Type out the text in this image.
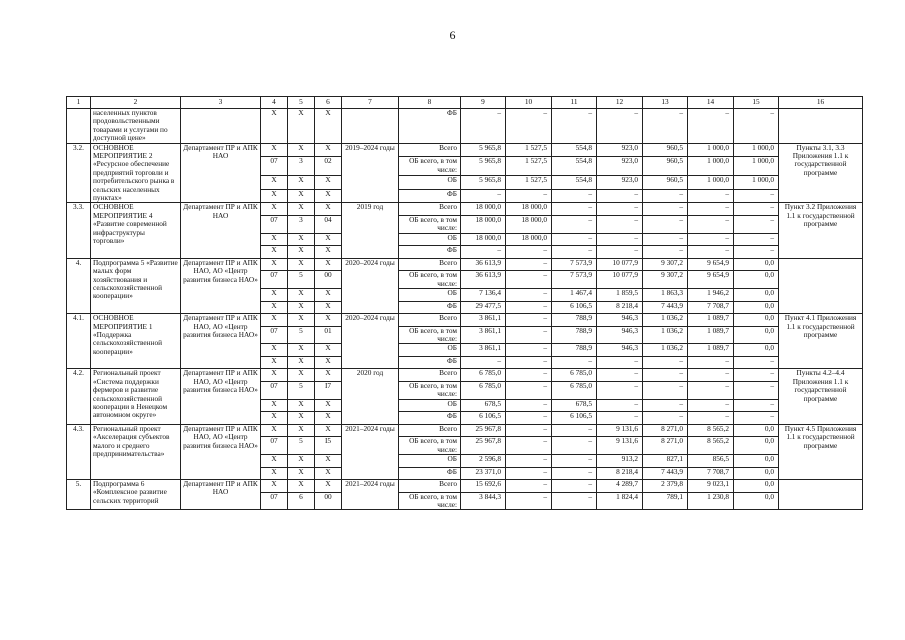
6
1	2	3	4	5	6	7	8	9	10	11	12	13	14	15	16
	населенных пунктов продовольственными товарами и услугами по доступной цене»		X	X	X		ФБ	–	–	–	–	–	–	–	
3.2.	ОСНОВНОЕ МЕРОПРИЯТИЕ 2 «Ресурсное обеспечение предприятий торговли и потребительского рынка в сельских населенных пунктах»	Департамент ПР и АПК НАО	X	X	X	2019–2024 годы	Всего	5 965,8	1 527,5	554,8	923,0	960,5	1 000,0	1 000,0	Пункты 3.1, 3.3 Приложения 1.1 к государственной программе
			07	3	02		ОБ всего, в том числе:	5 965,8	1 527,5	554,8	923,0	960,5	1 000,0	1 000,0	
			X	X	X		ОБ	5 965,8	1 527,5	554,8	923,0	960,5	1 000,0	1 000,0	
			X	X	X		ФБ	–	–	–	–	–	–	–	
3.3.	ОСНОВНОЕ МЕРОПРИЯТИЕ 4 «Развитие современной инфраструктуры торговли»	Департамент ПР и АПК НАО	X	X	X	2019 год	Всего	18 000,0	18 000,0	–	–	–	–	–	Пункт 3.2 Приложения 1.1 к государственной программе
			07	3	04		ОБ всего, в том числе:	18 000,0	18 000,0	–	–	–	–	–	
			X	X	X		ОБ	18 000,0	18 000,0	–	–	–	–	–	
			X	X	X		ФБ	–	–	–	–	–	–	–	
4.	Подпрограмма 5 «Развитие малых форм хозяйствования и сельскохозяйственной кооперации»	Департамент ПР и АПК НАО, АО «Центр развития бизнеса НАО»	X	X	X	2020–2024 годы	Всего	36 613,9	–	7 573,9	10 077,9	9 307,2	9 654,9	0,0	
			07	5	00		ОБ всего, в том числе:	36 613,9	–	7 573,9	10 077,9	9 307,2	9 654,9	0,0	
			X	X	X		ОБ	7 136,4	–	1 467,4	1 859,5	1 863,3	1 946,2	0,0	
			X	X	X		ФБ	29 477,5	–	6 106,5	8 218,4	7 443,9	7 708,7	0,0	
4.1.	ОСНОВНОЕ МЕРОПРИЯТИЕ 1 «Поддержка сельскохозяйственной кооперации»	Департамент ПР и АПК НАО, АО «Центр развития бизнеса НАО»	X	X	X	2020–2024 годы	Всего	3 861,1	–	788,9	946,3	1 036,2	1 089,7	0,0	Пункт 4.1 Приложения 1.1 к государственной программе
			07	5	01		ОБ всего, в том числе:	3 861,1	–	788,9	946,3	1 036,2	1 089,7	0,0	
			X	X	X		ОБ	3 861,1	–	788,9	946,3	1 036,2	1 089,7	0,0	
			X	X	X		ФБ	–	–	–	–	–	–	–	
4.2.	Региональный проект «Система поддержки фермеров и развитие сельскохозяйственной кооперации в Ненецком автономном округе»	Департамент ПР и АПК НАО, АО «Центр развития бизнеса НАО»	X	X	X	2020 год	Всего	6 785,0	–	6 785,0	–	–	–	–	Пункты 4.2–4.4 Приложения 1.1 к государственной программе
			07	5	I7		ОБ всего, в том числе:	6 785,0	–	6 785,0	–	–	–	–	
			X	X	X		ОБ	678,5	–	678,5	–	–	–	–	
			X	X	X		ФБ	6 106,5	–	6 106,5	–	–	–	–	
4.3.	Региональный проект «Акселерация субъектов малого и среднего предпринимательства»	Департамент ПР и АПК НАО, АО «Центр развития бизнеса НАО»	X	X	X	2021–2024 годы	Всего	25 967,8	–	–	9 131,6	8 271,0	8 565,2	0,0	Пункт 4.5 Приложения 1.1 к государственной программе
			07	5	I5		ОБ всего, в том числе:	25 967,8	–	–	9 131,6	8 271,0	8 565,2	0,0	
			X	X	X		ОБ	2 596,8	–	–	913,2	827,1	856,5	0,0	
			X	X	X		ФБ	23 371,0	–	–	8 218,4	7 443,9	7 708,7	0,0	
5.	Подпрограмма 6 «Комплексное развитие сельских территорий	Департамент ПР и АПК НАО	X	X	X	2021–2024 годы	Всего	15 692,6	–	–	4 289,7	2 379,8	9 023,1	0,0	
			07	6	00		ОБ всего, в том числе:	3 844,3	–	–	1 824,4	789,1	1 230,8	0,0	
